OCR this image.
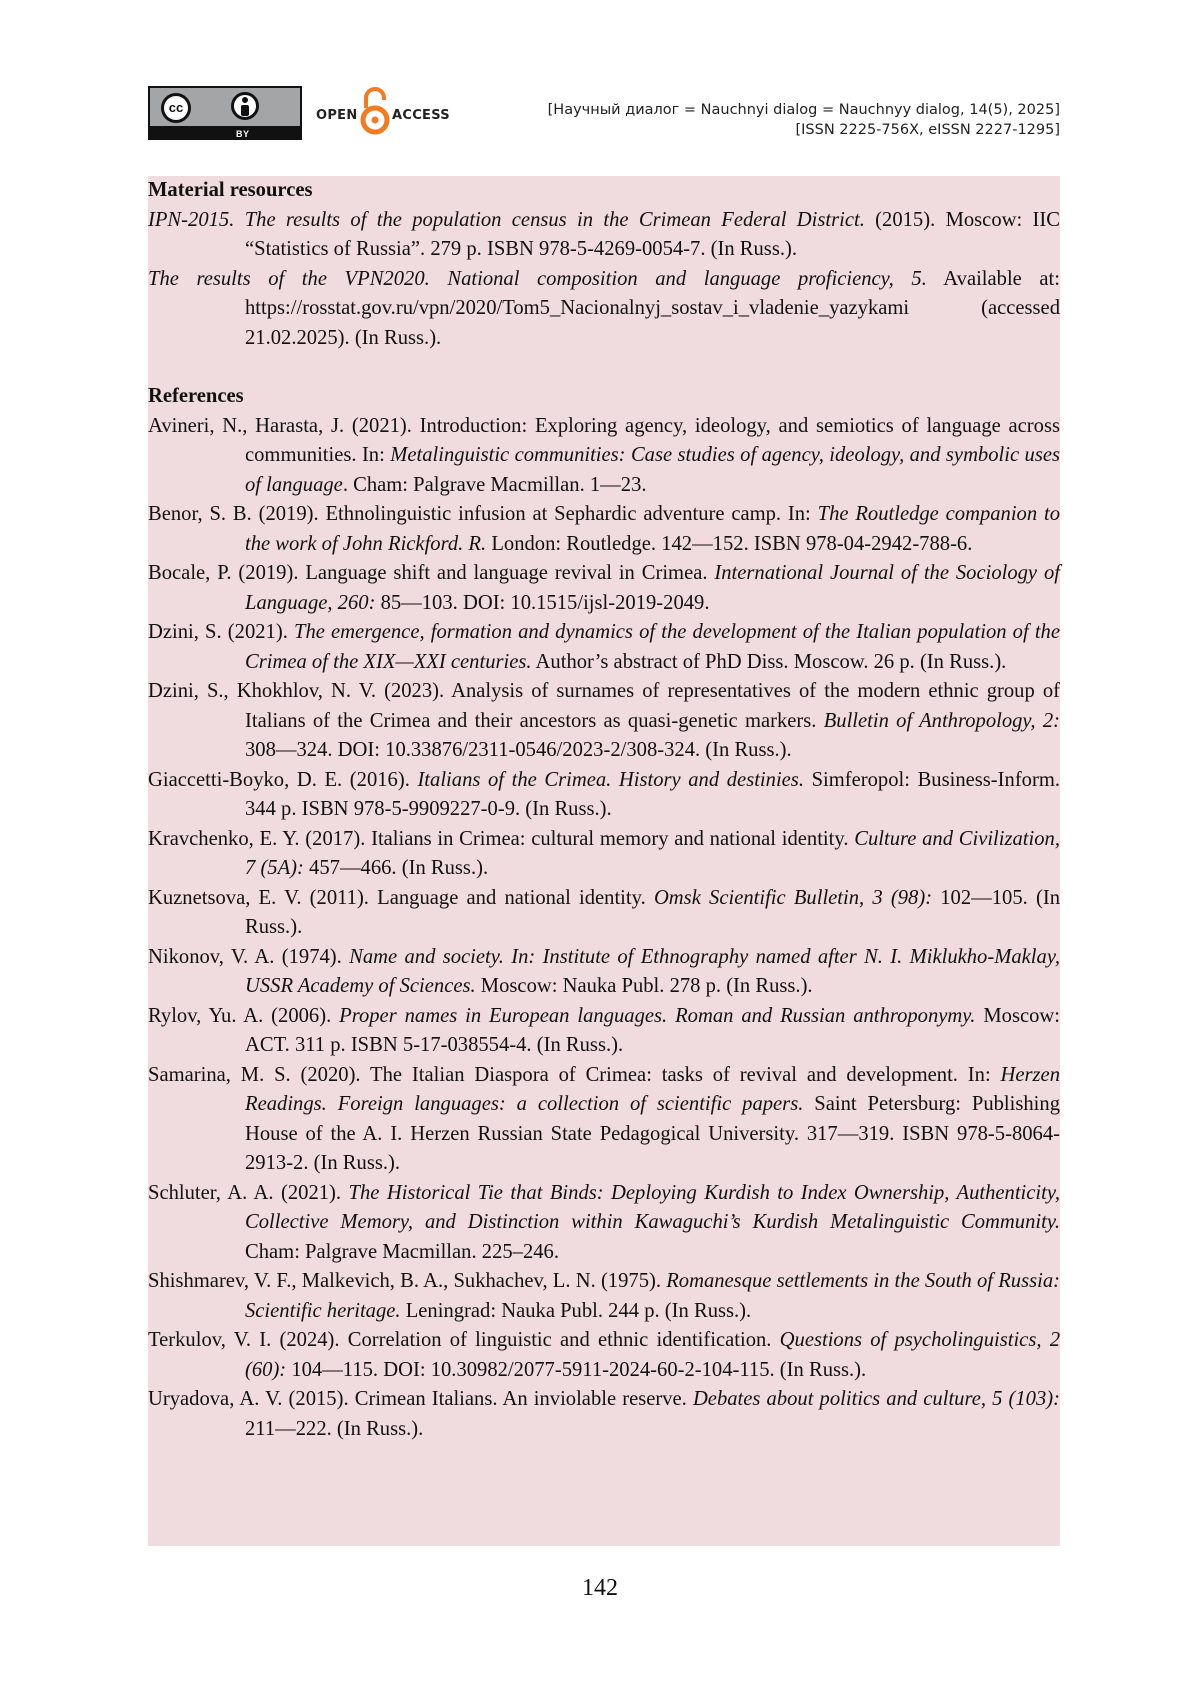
cc
BY
OPEN	ACCESS	[Научный диалог = Nauchnyi dialog = Nauchnyy dialog, 14(5), 2025]
[ISSN 2225-756X, eISSN 2227-1295]

Material resources

IPN-2015. The results of the population census in the Crimean Federal District. (2015). Moscow: IIC “Statistics of Russia”. 279 p. ISBN 978-5-4269-0054-7. (In Russ.).

The results of the VPN2020. National composition and language proficiency, 5. Available at: https://rosstat.gov.ru/vpn/2020/Tom5_Nacionalnyj_sostav_i_vladenie_yazykami (accessed 21.02.2025). (In Russ.).

References

Avineri, N., Harasta, J. (2021). Introduction: Exploring agency, ideology, and semiotics of language across communities. In: Metalinguistic communities: Case studies of agency, ideology, and symbolic uses of language. Cham: Palgrave Macmillan. 1—23.

Benor, S. B. (2019). Ethnolinguistic infusion at Sephardic adventure camp. In: The Routledge companion to the work of John Rickford. R. London: Routledge. 142—152. ISBN 978-04-2942-788-6.

Bocale, P. (2019). Language shift and language revival in Crimea. International Journal of the Sociology of Language, 260: 85—103. DOI: 10.1515/ijsl-2019-2049.

Dzini, S. (2021). The emergence, formation and dynamics of the development of the Italian population of the Crimea of the XIX—XXI centuries. Author’s abstract of PhD Diss. Moscow. 26 p. (In Russ.).

Dzini, S., Khokhlov, N. V. (2023). Analysis of surnames of representatives of the modern ethnic group of Italians of the Crimea and their ancestors as quasi-genetic markers. Bulletin of Anthropology, 2: 308—324. DOI: 10.33876/2311-0546/2023-2/308-324. (In Russ.).

Giaccetti-Boyko, D. E. (2016). Italians of the Crimea. History and destinies. Simferopol: Business-Inform. 344 p. ISBN 978-5-9909227-0-9. (In Russ.).

Kravchenko, E. Y. (2017). Italians in Crimea: cultural memory and national identity. Culture and Civilization, 7 (5A): 457—466. (In Russ.).

Kuznetsova, E. V. (2011). Language and national identity. Omsk Scientific Bulletin, 3 (98): 102—105. (In Russ.).

Nikonov, V. A. (1974). Name and society. In: Institute of Ethnography named after N. I. Miklukho-Maklay, USSR Academy of Sciences. Moscow: Nauka Publ. 278 p. (In Russ.).

Rylov, Yu. A. (2006). Proper names in European languages. Roman and Russian anthroponymy. Moscow: ACT. 311 p. ISBN 5-17-038554-4. (In Russ.).

Samarina, M. S. (2020). The Italian Diaspora of Crimea: tasks of revival and development. In: Herzen Readings. Foreign languages: a collection of scientific papers. Saint Petersburg: Publishing House of the A. I. Herzen Russian State Pedagogical University. 317—319. ISBN 978-5-8064-2913-2. (In Russ.).

Schluter, A. A. (2021). The Historical Tie that Binds: Deploying Kurdish to Index Ownership, Authenticity, Collective Memory, and Distinction within Kawaguchi’s Kurdish Metalinguistic Community. Cham: Palgrave Macmillan. 225–246.

Shishmarev, V. F., Malkevich, B. A., Sukhachev, L. N. (1975). Romanesque settlements in the South of Russia: Scientific heritage. Leningrad: Nauka Publ. 244 p. (In Russ.).

Terkulov, V. I. (2024). Correlation of linguistic and ethnic identification. Questions of psycholinguistics, 2 (60): 104—115. DOI: 10.30982/2077-5911-2024-60-2-104-115. (In Russ.).

Uryadova, A. V. (2015). Crimean Italians. An inviolable reserve. Debates about politics and culture, 5 (103): 211—222. (In Russ.).

142
